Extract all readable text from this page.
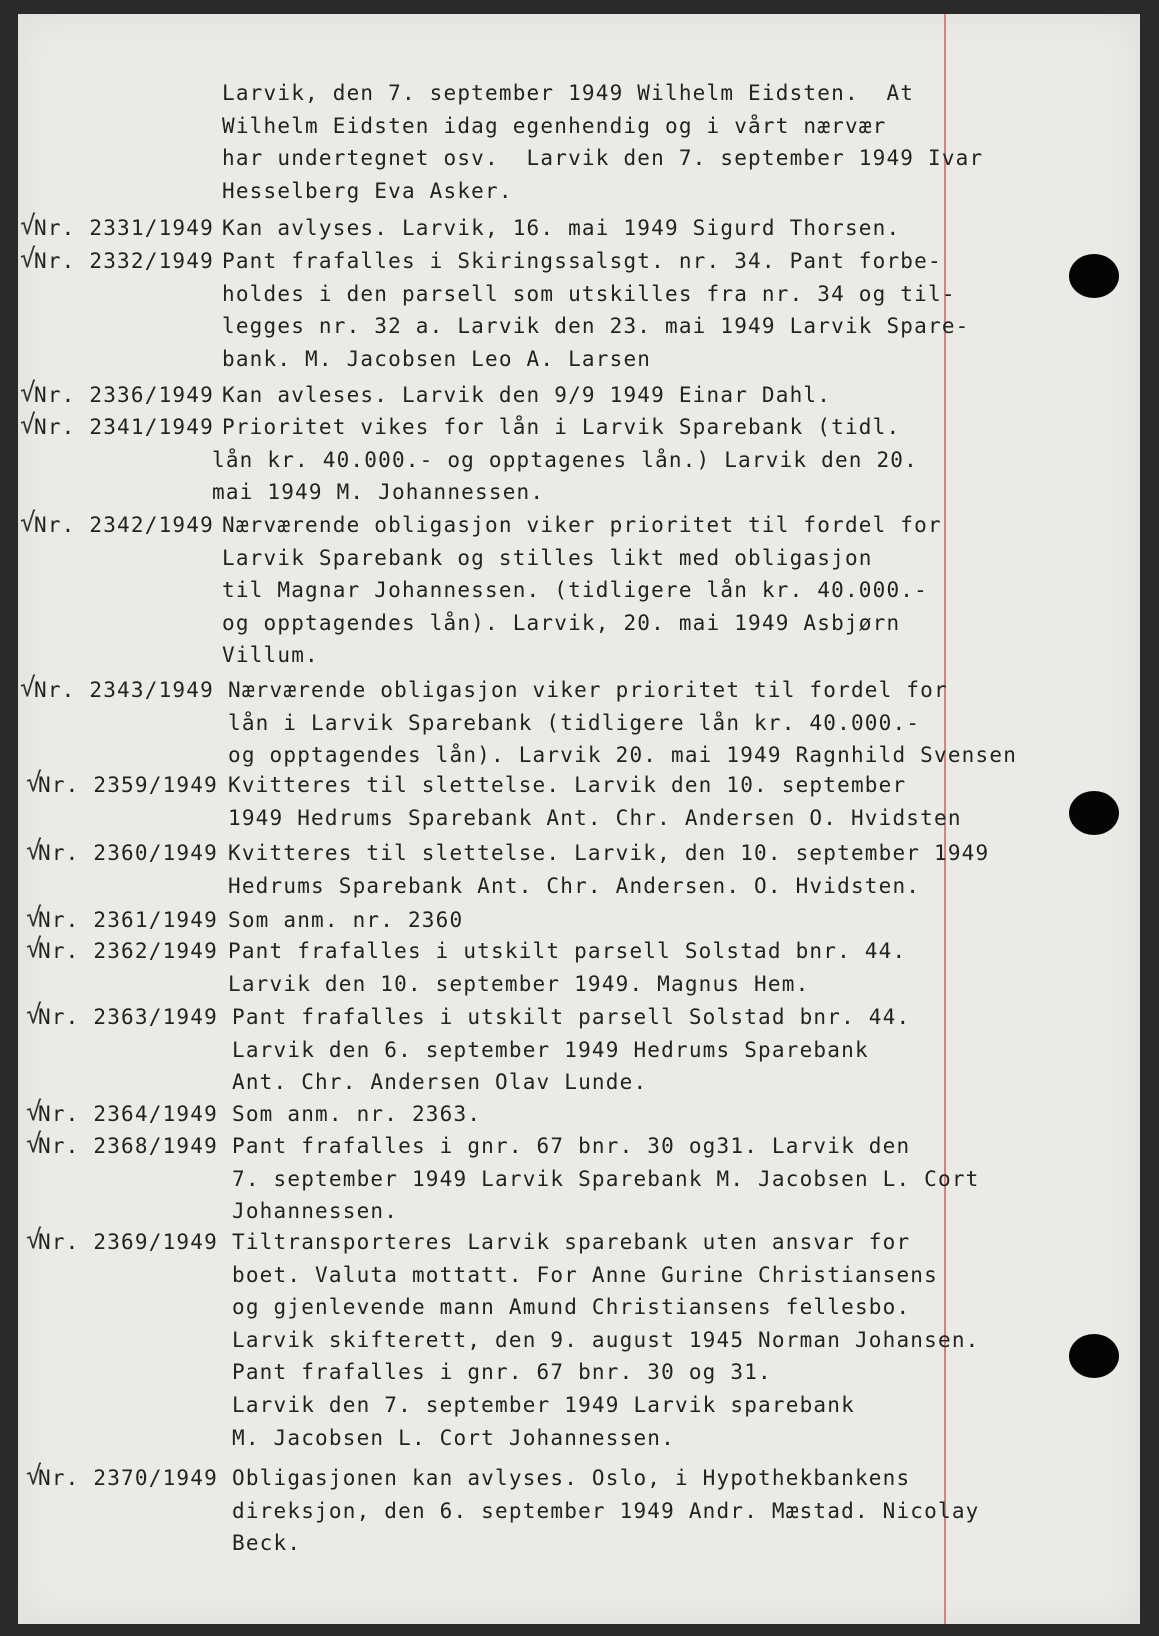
Larvik, den 7. september 1949 Wilhelm Eidsten.  At
Wilhelm Eidsten idag egenhendig og i vårt nærvær
har undertegnet osv.  Larvik den 7. september 1949 Ivar
Hesselberg Eva Asker.
√
Nr. 2331/1949 Kan avlyses. Larvik, 16. mai 1949 Sigurd Thorsen.
√
Nr. 2332/1949 Pant frafalles i Skiringssalsgt. nr. 34. Pant forbe-
holdes i den parsell som utskilles fra nr. 34 og til-
legges nr. 32 a. Larvik den 23. mai 1949 Larvik Spare-
bank. M. Jacobsen Leo A. Larsen
√
Nr. 2336/1949 Kan avleses. Larvik den 9/9 1949 Einar Dahl.
√
Nr. 2341/1949 Prioritet vikes for lån i Larvik Sparebank (tidl.
lån kr. 40.000.- og opptagenes lån.) Larvik den 20.
mai 1949 M. Johannessen.
√
Nr. 2342/1949 Nærværende obligasjon viker prioritet til fordel for
Larvik Sparebank og stilles likt med obligasjon
til Magnar Johannessen. (tidligere lån kr. 40.000.-
og opptagendes lån). Larvik, 20. mai 1949 Asbjørn
Villum.
√
Nr. 2343/1949 Nærværende obligasjon viker prioritet til fordel for
lån i Larvik Sparebank (tidligere lån kr. 40.000.-
og opptagendes lån). Larvik 20. mai 1949 Ragnhild Svensen
√
Nr. 2359/1949 Kvitteres til slettelse. Larvik den 10. september
1949 Hedrums Sparebank Ant. Chr. Andersen O. Hvidsten
√
Nr. 2360/1949 Kvitteres til slettelse. Larvik, den 10. september 1949
Hedrums Sparebank Ant. Chr. Andersen. O. Hvidsten.
√
Nr. 2361/1949 Som anm. nr. 2360
√
Nr. 2362/1949 Pant frafalles i utskilt parsell Solstad bnr. 44.
Larvik den 10. september 1949. Magnus Hem.
√
Nr. 2363/1949 Pant frafalles i utskilt parsell Solstad bnr. 44.
Larvik den 6. september 1949 Hedrums Sparebank
Ant. Chr. Andersen Olav Lunde.
√
Nr. 2364/1949 Som anm. nr. 2363.
√
Nr. 2368/1949 Pant frafalles i gnr. 67 bnr. 30 og31. Larvik den
7. september 1949 Larvik Sparebank M. Jacobsen L. Cort
Johannessen.
√
Nr. 2369/1949 Tiltransporteres Larvik sparebank uten ansvar for
boet. Valuta mottatt. For Anne Gurine Christiansens
og gjenlevende mann Amund Christiansens fellesbo.
Larvik skifterett, den 9. august 1945 Norman Johansen.
Pant frafalles i gnr. 67 bnr. 30 og 31.
Larvik den 7. september 1949 Larvik sparebank
M. Jacobsen L. Cort Johannessen.
√
Nr. 2370/1949 Obligasjonen kan avlyses. Oslo, i Hypothekbankens
direksjon, den 6. september 1949 Andr. Mæstad. Nicolay
Beck.
